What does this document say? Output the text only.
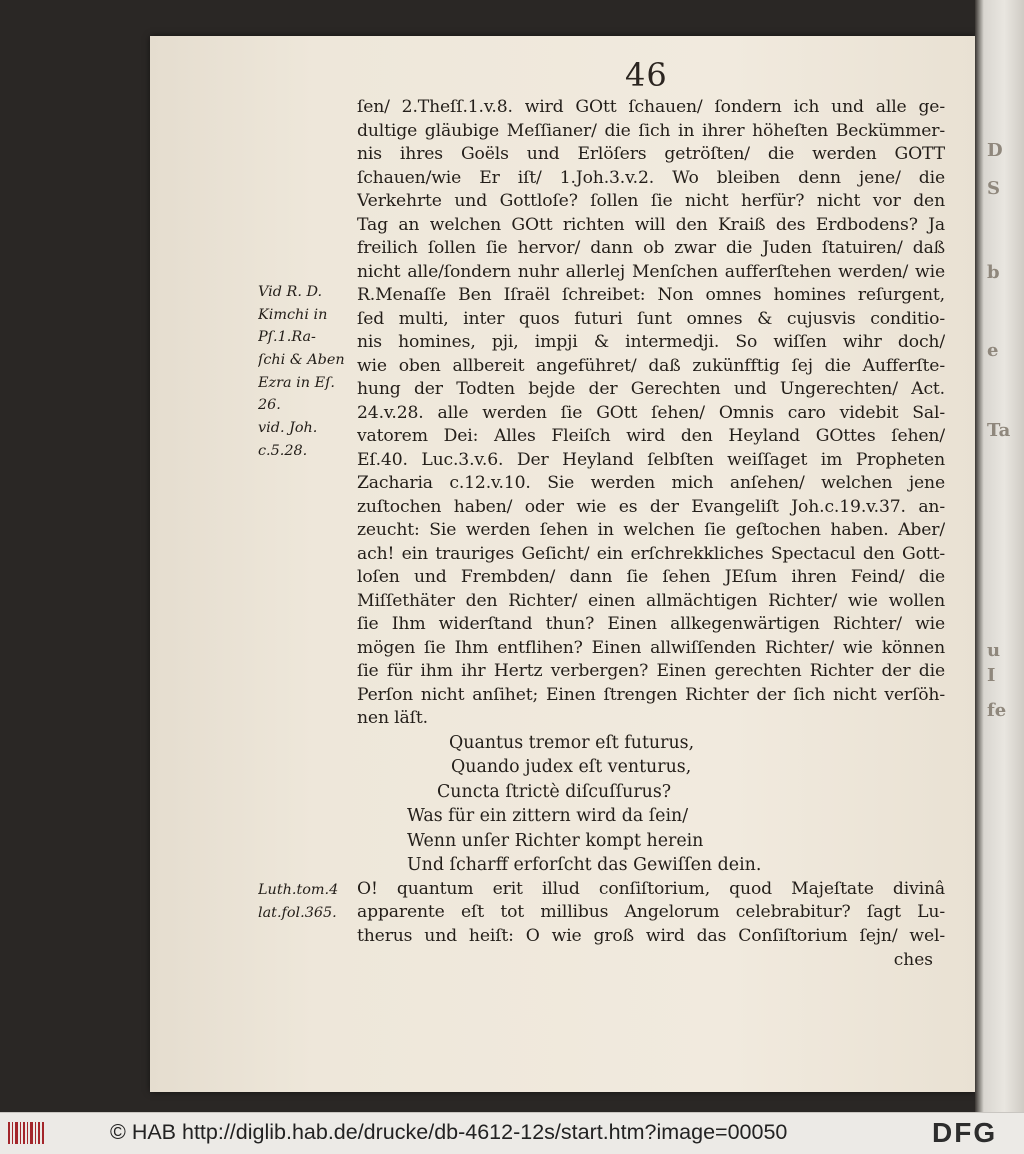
46
Vid R. D.
Kimchi in
Pſ.1.Ra-
ſchi & Aben
Ezra in Eſ.
26.
vid. Joh.
c.5.28.
ſen/ 2.Theſſ.1.v.8. wird GOtt ſchauen/ ſondern ich und alle ge-
dultige gläubige Meſſianer/ die ſich in ihrer höheſten Beckümmer-
nis ihres Goëls und Erlöſers getröſten/ die werden GOTT
ſchauen/wie Er iſt/ 1.Joh.3.v.2. Wo bleiben denn jene/ die
Verkehrte und Gottloſe? ſollen ſie nicht herfür? nicht vor den
Tag an welchen GOtt richten will den Kraiß des Erdbodens? Ja
freilich ſollen ſie hervor/ dann ob zwar die Juden ſtatuiren/ daß
nicht alle/ſondern nuhr allerlej Menſchen aufferſtehen werden/ wie
R.Menaſſe Ben Iſraël ſchreibet: Non omnes homines reſurgent,
ſed multi, inter quos futuri ſunt omnes & cujusvis conditio-
nis homines, pji, impji & intermedji. So wiſſen wihr doch/
wie oben allbereit angeführet/ daß zukünfftig ſej die Aufferſte-
hung der Todten bejde der Gerechten und Ungerechten/ Act.
24.v.28. alle werden ſie GOtt ſehen/ Omnis caro videbit Sal-
vatorem Dei: Alles Fleiſch wird den Heyland GOttes ſehen/
Eſ.40. Luc.3.v.6. Der Heyland ſelbſten weiſſaget im Propheten
Zacharia c.12.v.10. Sie werden mich anſehen/ welchen jene
zuſtochen haben/ oder wie es der Evangeliſt Joh.c.19.v.37. an-
zeucht: Sie werden ſehen in welchen ſie geſtochen haben. Aber/
ach! ein trauriges Geſicht/ ein erſchrekkliches Spectacul den Gott-
loſen und Frembden/ dann ſie ſehen JEſum ihren Feind/ die
Miſſethäter den Richter/ einen allmächtigen Richter/ wie wollen
ſie Ihm widerſtand thun? Einen allkegenwärtigen Richter/ wie
mögen ſie Ihm entflihen? Einen allwiſſenden Richter/ wie können
ſie für ihm ihr Hertz verbergen? Einen gerechten Richter der die
Perſon nicht anſihet; Einen ſtrengen Richter der ſich nicht verſöh-
nen läſt.
Quantus tremor eſt futurus,
Quando judex eſt venturus,
Cuncta ſtrictè diſcuſſurus?
Was für ein zittern wird da ſein/
Wenn unſer Richter kompt herein
Und ſcharff erforſcht das Gewiſſen dein.
O! quantum erit illud conſiſtorium, quod Majeſtate divinâ
apparente eſt tot millibus Angelorum celebrabitur? ſagt Lu-
therus und heiſt: O wie groß wird das Conſiſtorium ſejn/ wel-
ches
Luth.tom.4
lat.fol.365.
D
S
b
e
Ta
u
I
fe
© HAB http://diglib.hab.de/drucke/db-4612-12s/start.htm?image=00050	DFG
